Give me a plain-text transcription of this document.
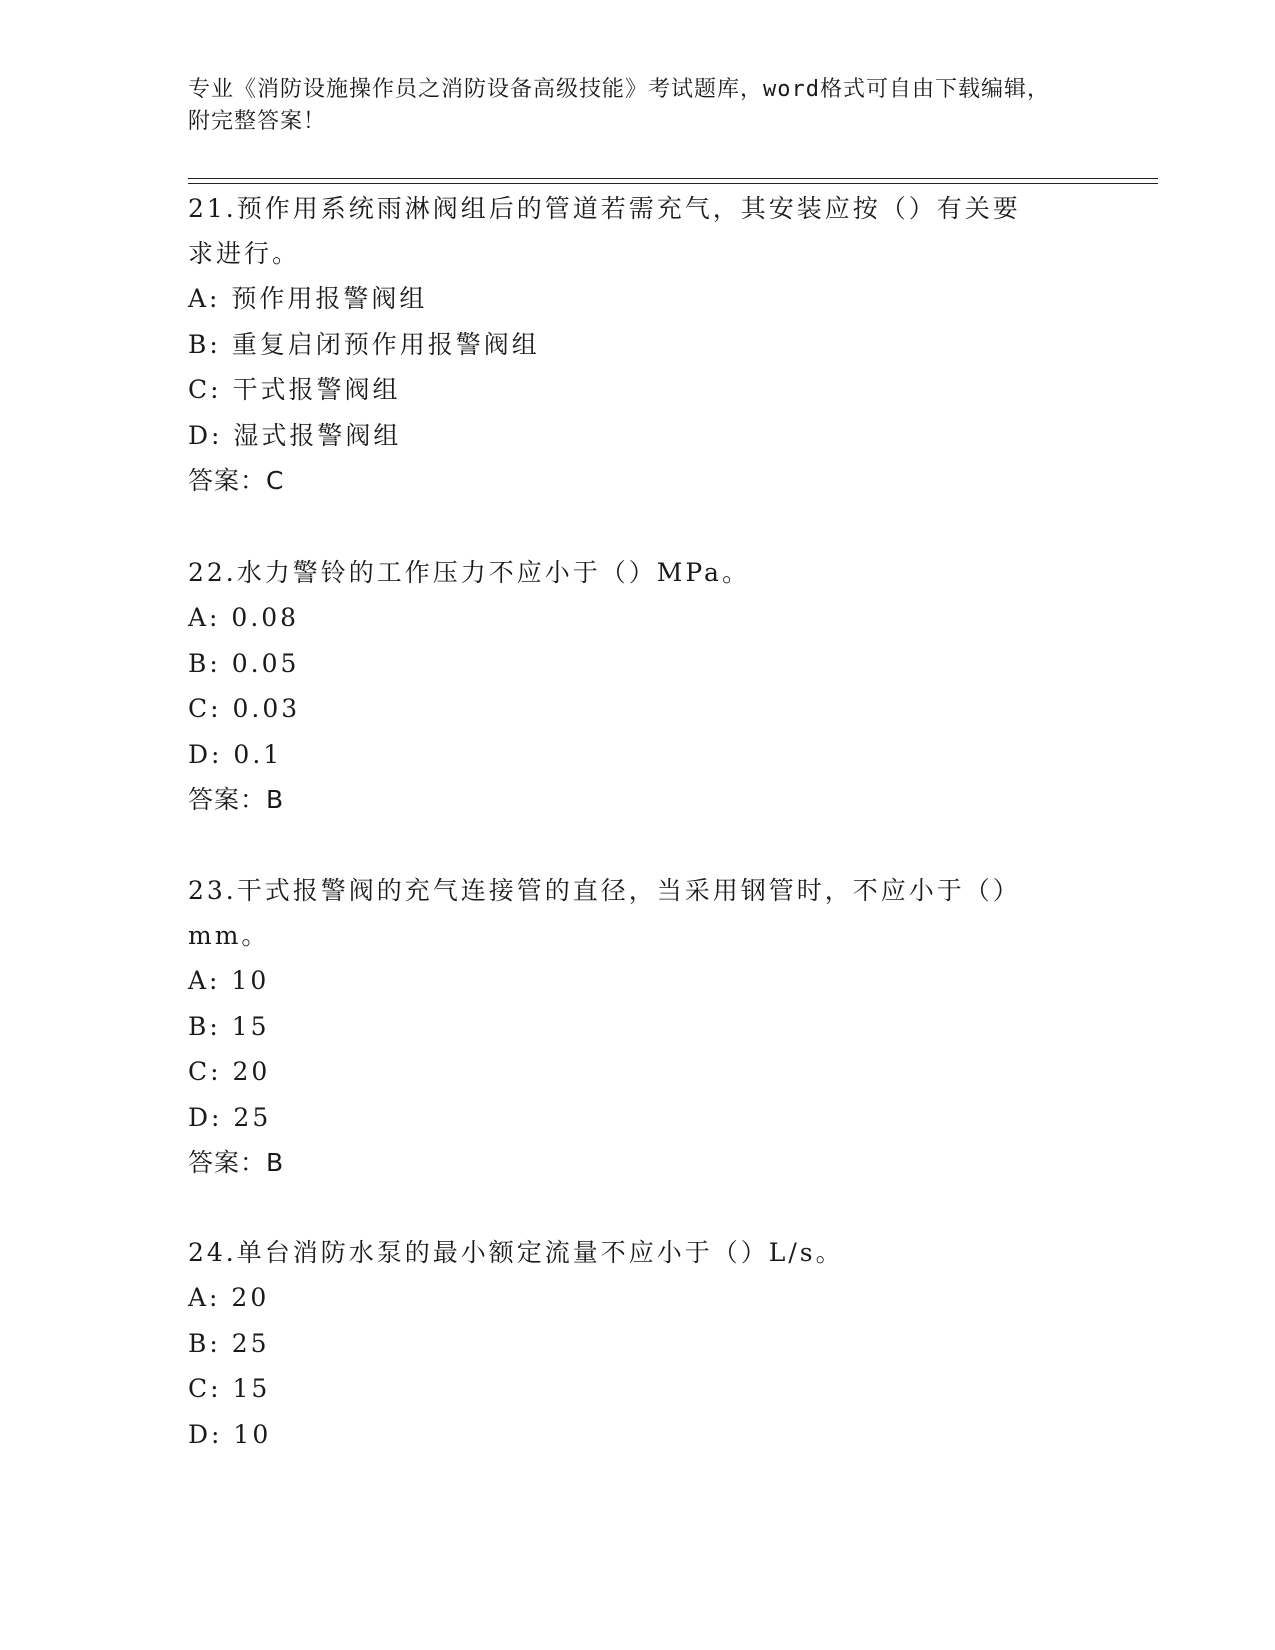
专业《消防设施操作员之消防设备高级技能》考试题库，word格式可自由下载编辑，附完整答案！
21.预作用系统雨淋阀组后的管道若需充气，其安装应按（）有关要求进行。
A: 预作用报警阀组
B: 重复启闭预作用报警阀组
C: 干式报警阀组
D: 湿式报警阀组
答案：C
22.水力警铃的工作压力不应小于（）MPa。
A: 0.08
B: 0.05
C: 0.03
D: 0.1
答案：B
23.干式报警阀的充气连接管的直径，当采用钢管时，不应小于（）mm。
A: 10
B: 15
C: 20
D: 25
答案：B
24.单台消防水泵的最小额定流量不应小于（）L/s。
A: 20
B: 25
C: 15
D: 10
